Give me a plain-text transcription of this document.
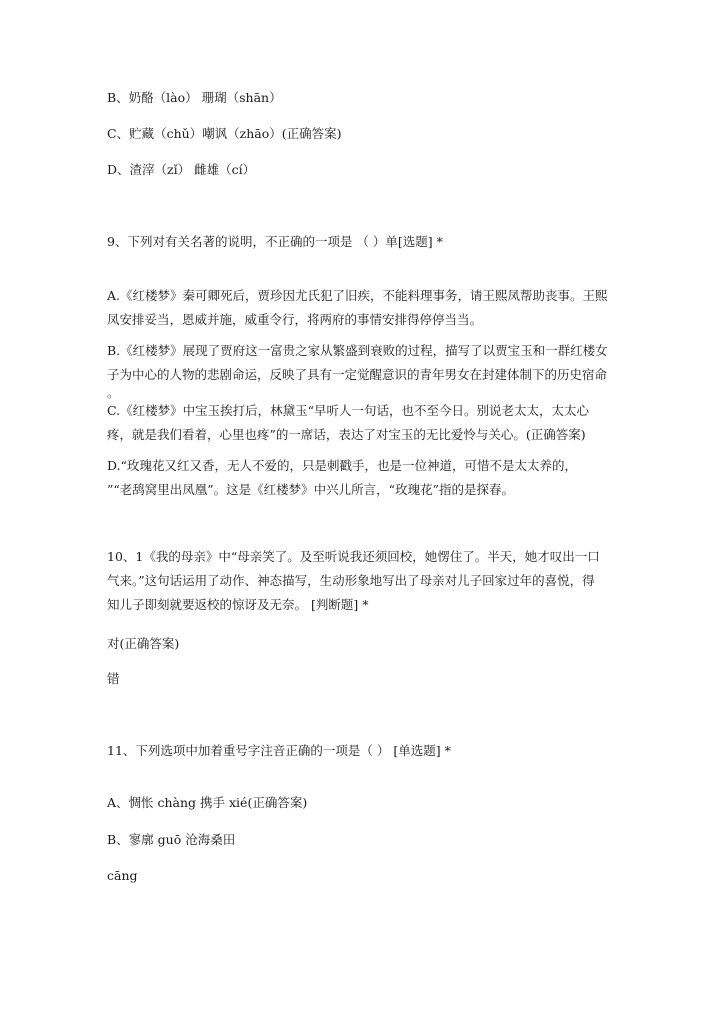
B、奶酪（lào） 珊瑚（shān）
C、贮藏（chǔ）嘲讽（zhāo）(正确答案)
D、渣滓（zǐ） 雌雄（cí）
9、下列对有关名著的说明，不正确的一项是 （ ）单[选题] *
A.《红楼梦》秦可卿死后，贾珍因尤氏犯了旧疾，不能料理事务，请王熙凤帮助丧事。王熙
凤安排妥当，恩威并施，威重令行，将两府的事情安排得停停当当。
B.《红楼梦》展现了贾府这一富贵之家从繁盛到衰败的过程，描写了以贾宝玉和一群红楼女
子为中心的人物的悲剧命运，反映了具有一定觉醒意识的青年男女在封建体制下的历史宿命
。
C.《红楼梦》中宝玉挨打后，林黛玉“早听人一句话，也不至今日。别说老太太，太太心
疼，就是我们看着，心里也疼”的一席话，表达了对宝玉的无比爱怜与关心。(正确答案)
D.“玫瑰花又红又香，无人不爱的，只是刺戳手，也是一位神道，可惜不是太太养的，
”“老鸹窝里出凤凰”。这是《红楼梦》中兴儿所言，“玫瑰花”指的是探春。
10、1《我的母亲》中“母亲笑了。及至听说我还须回校，她愣住了。半天，她才叹出一口
气来。”这句话运用了动作、神态描写，生动形象地写出了母亲对儿子回家过年的喜悦，得
知儿子即刻就要返校的惊讶及无奈。 [判断题] *
对(正确答案)
错
11、下列选项中加着重号字注音正确的一项是（ ） [单选题] *
A、惆怅 chàng 携手 xié(正确答案)
B、寥廓 guō 沧海桑田
cāng
